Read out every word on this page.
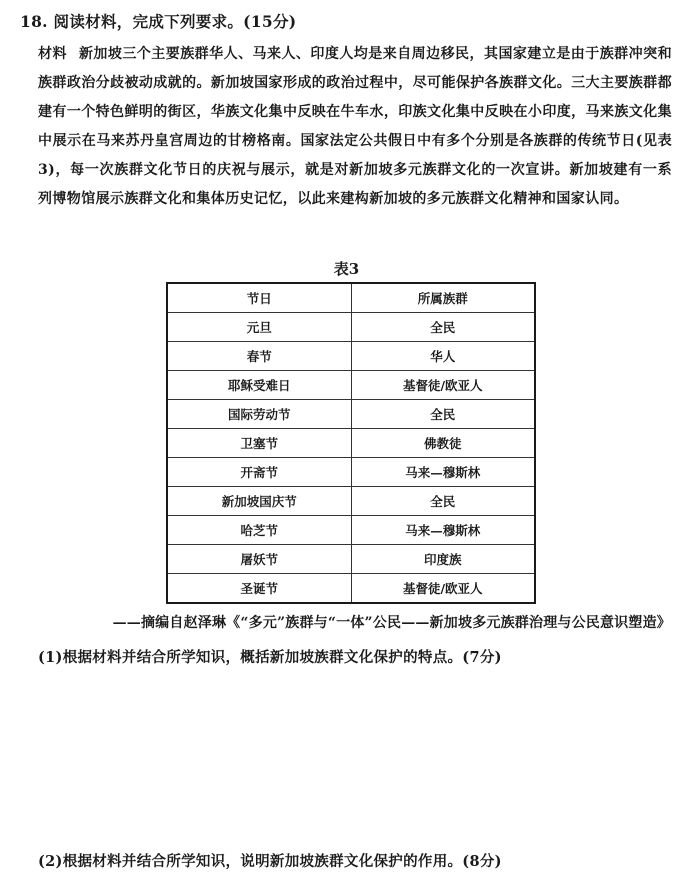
18. 阅读材料，完成下列要求。(15分)
材料 新加坡三个主要族群华人、马来人、印度人均是来自周边移民，其国家建立是由于族群冲突和族群政治分歧被动成就的。新加坡国家形成的政治过程中，尽可能保护各族群文化。三大主要族群都建有一个特色鲜明的街区，华族文化集中反映在牛车水，印族文化集中反映在小印度，马来族文化集中展示在马来苏丹皇宫周边的甘榜格南。国家法定公共假日中有多个分别是各族群的传统节日(见表3)，每一次族群文化节日的庆祝与展示，就是对新加坡多元族群文化的一次宣讲。新加坡建有一系列博物馆展示族群文化和集体历史记忆，以此来建构新加坡的多元族群文化精神和国家认同。
表3
节日	所属族群
元旦	全民
春节	华人
耶稣受难日	基督徒/欧亚人
国际劳动节	全民
卫塞节	佛教徒
开斋节	马来—穆斯林
新加坡国庆节	全民
哈芝节	马来—穆斯林
屠妖节	印度族
圣诞节	基督徒/欧亚人
——摘编自赵泽琳《“多元”族群与“一体”公民——新加坡多元族群治理与公民意识塑造》
(1)根据材料并结合所学知识，概括新加坡族群文化保护的特点。(7分)
(2)根据材料并结合所学知识，说明新加坡族群文化保护的作用。(8分)
